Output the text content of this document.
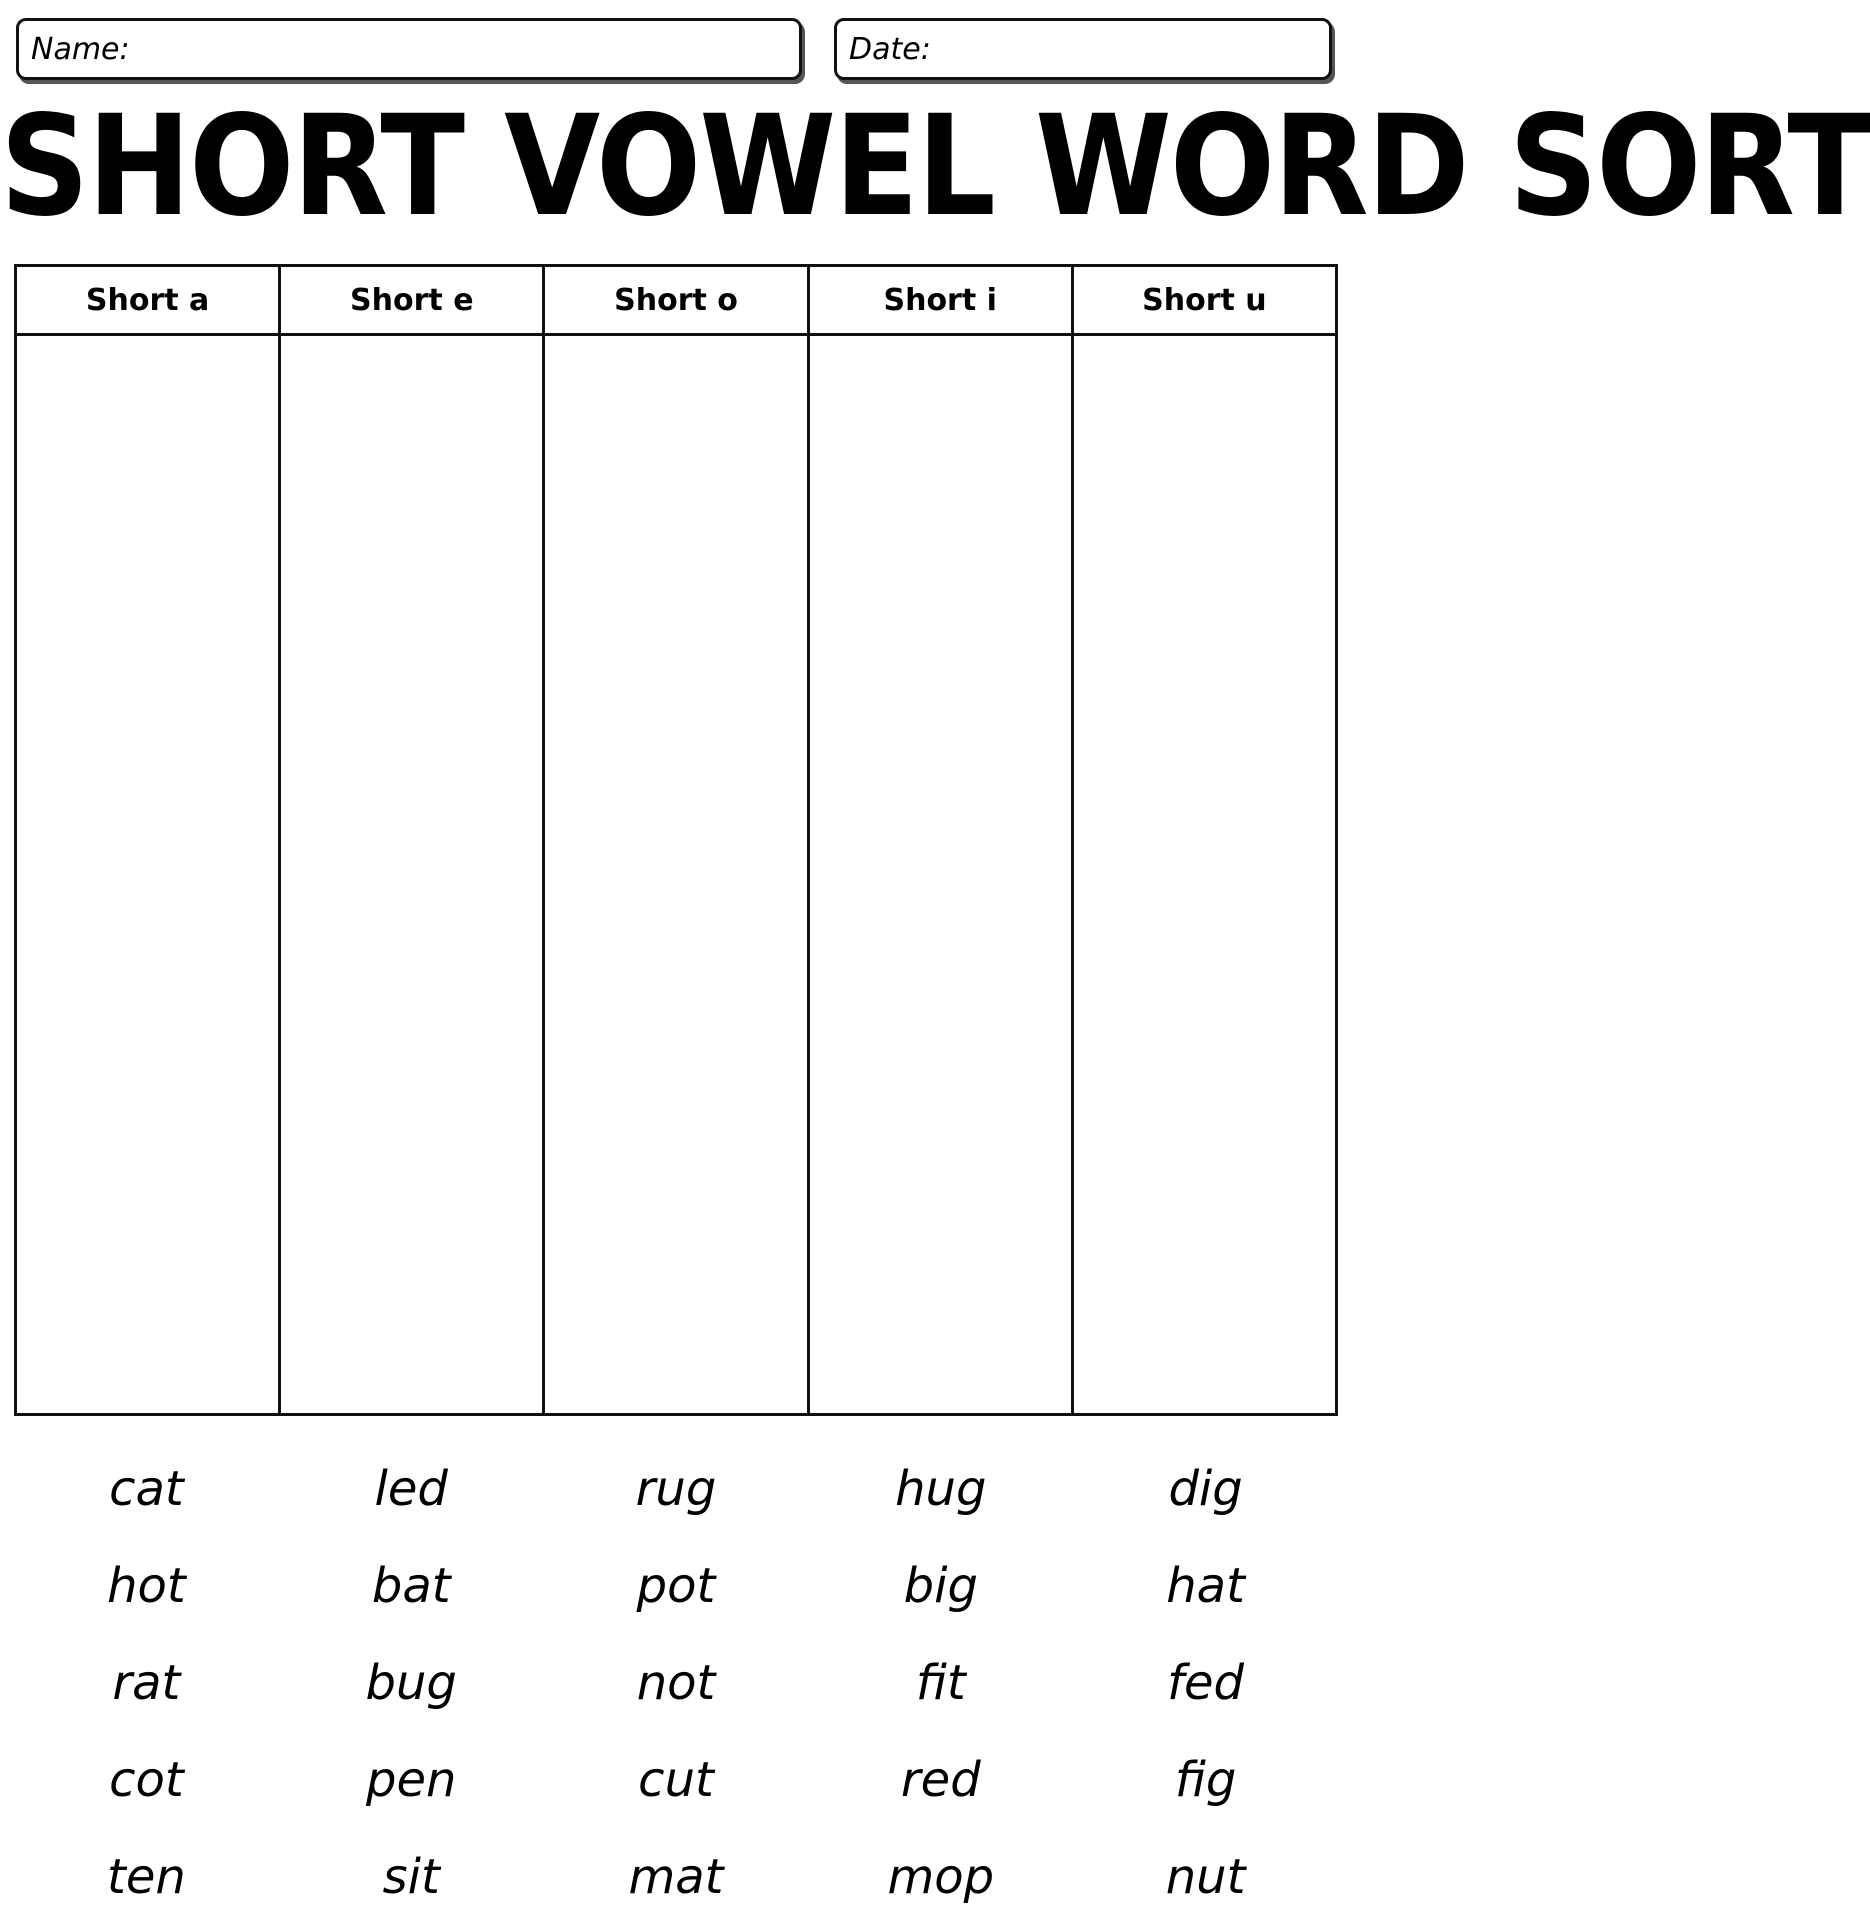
Name:	Date:
SHORT VOWEL WORD SORT
Short a	Short e	Short o	Short i	Short u
cat	led	rug	hug	dig
hot	bat	pot	big	hat
rat	bug	not	fit	fed
cot	pen	cut	red	fig
ten	sit	mat	mop	nut
